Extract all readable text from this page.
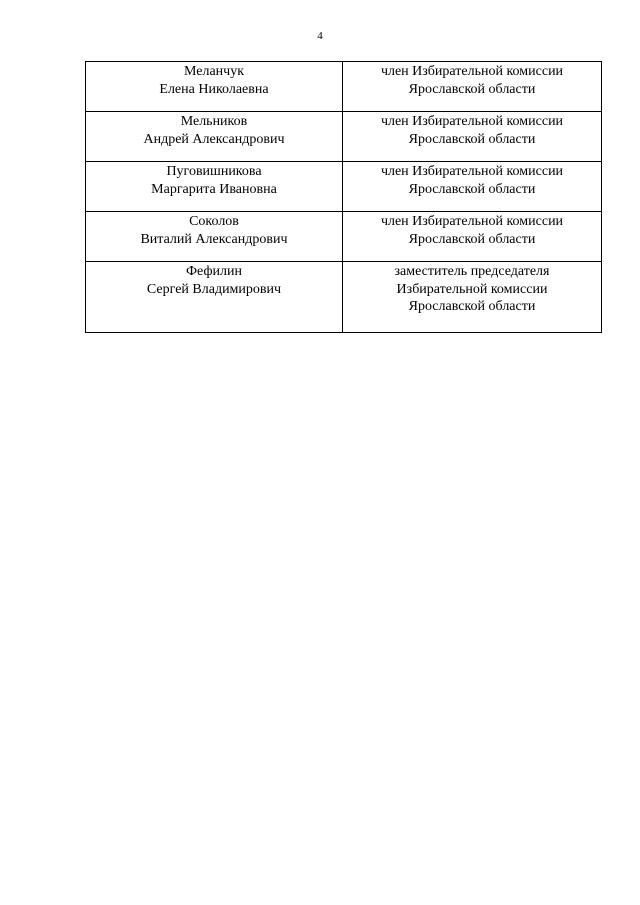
4
Меланчук
Елена Николаевна	член Избирательной комиссии
Ярославской области

Мельников
Андрей Александрович	член Избирательной комиссии
Ярославской области

Пуговишникова
Маргарита Ивановна	член Избирательной комиссии
Ярославской области

Соколов
Виталий Александрович	член Избирательной комиссии
Ярославской области

Фефилин
Сергей Владимирович	заместитель председателя
Избирательной комиссии
Ярославской области
